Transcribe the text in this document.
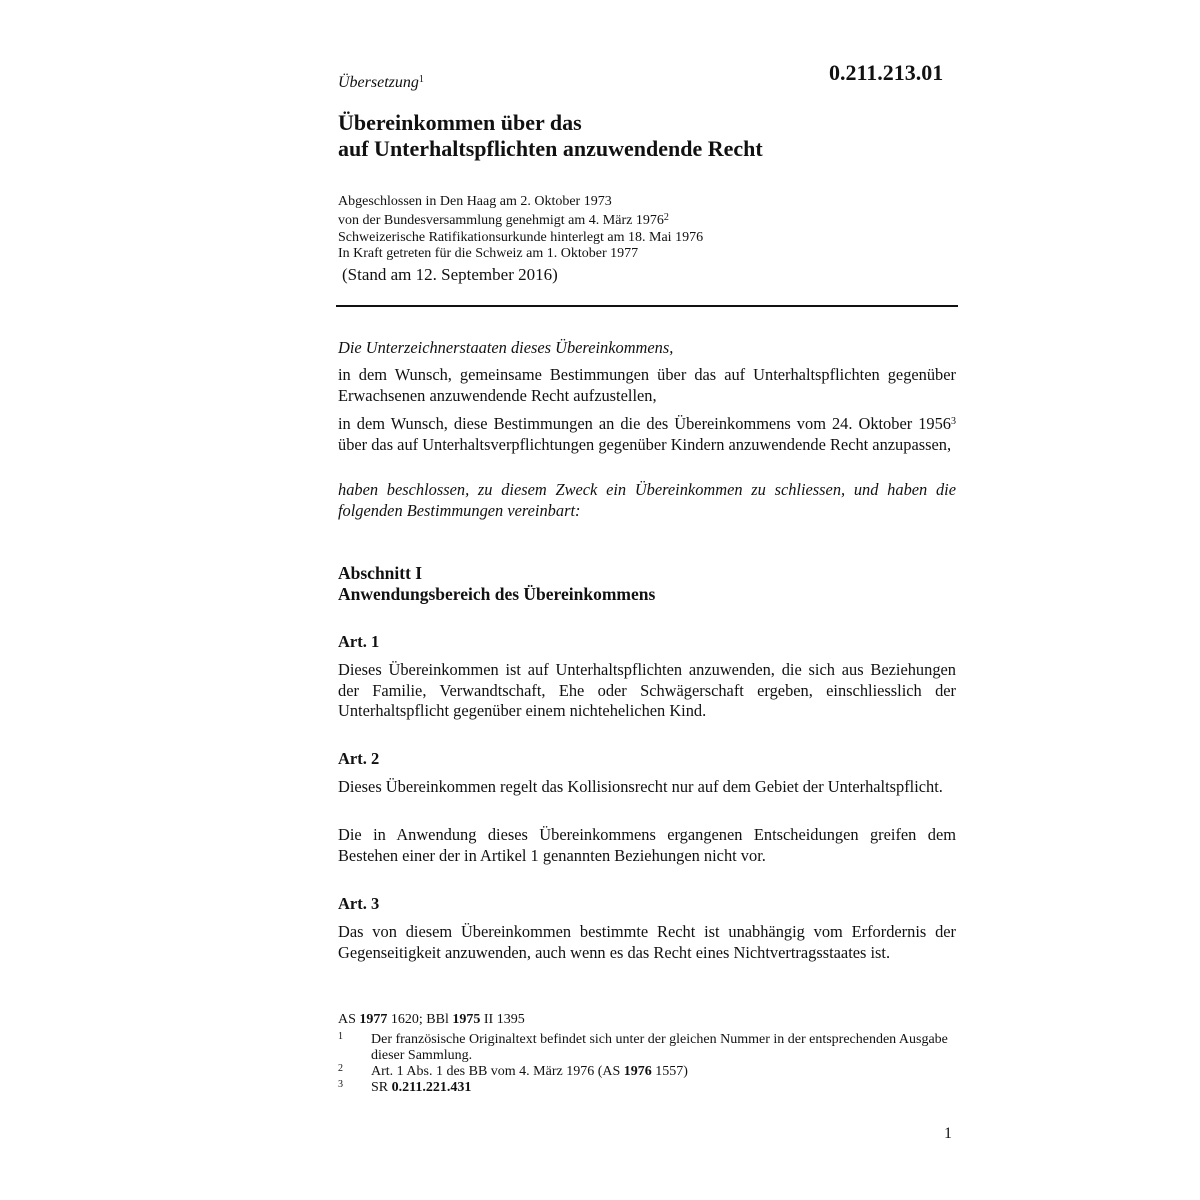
0.211.213.01
Übersetzung$^1$
Übereinkommen über das
auf Unterhaltspflichten anzuwendende Recht
Abgeschlossen in Den Haag am 2. Oktober 1973
von der Bundesversammlung genehmigt am 4. März 1976$^2$
Schweizerische Ratifikationsurkunde hinterlegt am 18. Mai 1976
In Kraft getreten für die Schweiz am 1. Oktober 1977
(Stand am 12. September 2016)
Die Unterzeichnerstaaten dieses Übereinkommens,
in dem Wunsch, gemeinsame Bestimmungen über das auf Unterhaltspflichten gegenüber Erwachsenen anzuwendende Recht aufzustellen,
in dem Wunsch, diese Bestimmungen an die des Übereinkommens vom 24. Oktober 1956$^3$ über das auf Unterhaltsverpflichtungen gegenüber Kindern anzuwendende Recht anzupassen,
haben beschlossen, zu diesem Zweck ein Übereinkommen zu schliessen, und haben die folgenden Bestimmungen vereinbart:
Abschnitt I
Anwendungsbereich des Übereinkommens
Art. 1
Dieses Übereinkommen ist auf Unterhaltspflichten anzuwenden, die sich aus Beziehungen der Familie, Verwandtschaft, Ehe oder Schwägerschaft ergeben, einschliesslich der Unterhaltspflicht gegenüber einem nichtehelichen Kind.
Art. 2
Dieses Übereinkommen regelt das Kollisionsrecht nur auf dem Gebiet der Unterhaltspflicht.
Die in Anwendung dieses Übereinkommens ergangenen Entscheidungen greifen dem Bestehen einer der in Artikel 1 genannten Beziehungen nicht vor.
Art. 3
Das von diesem Übereinkommen bestimmte Recht ist unabhängig vom Erfordernis der Gegenseitigkeit anzuwenden, auch wenn es das Recht eines Nichtvertragsstaates ist.
AS 1977 1620; BBl 1975 II 1395
1	Der französische Originaltext befindet sich unter der gleichen Nummer in der entsprechenden Ausgabe dieser Sammlung.
2	Art. 1 Abs. 1 des BB vom 4. März 1976 (AS 1976 1557)
3	SR 0.211.221.431
1
